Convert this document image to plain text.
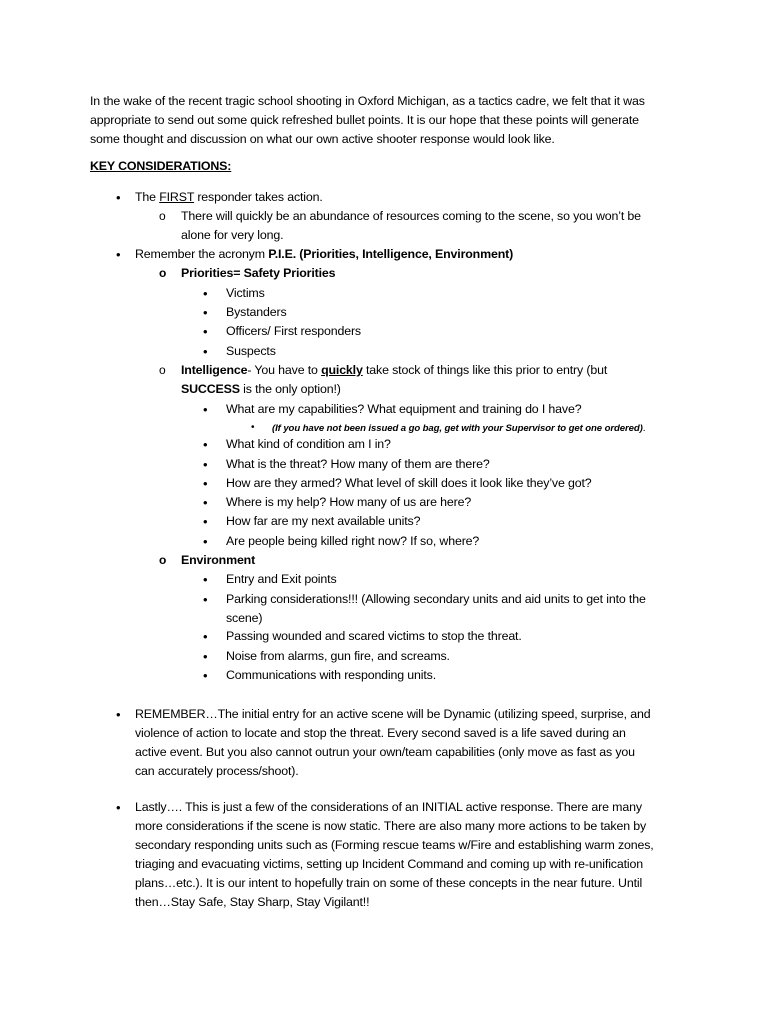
In the wake of the recent tragic school shooting in Oxford Michigan, as a tactics cadre, we felt that it was
appropriate to send out some quick refreshed bullet points. It is our hope that these points will generate
some thought and discussion on what our own active shooter response would look like.
KEY CONSIDERATIONS:
• The FIRST responder takes action.
o There will quickly be an abundance of resources coming to the scene, so you won’t be
alone for very long.
• Remember the acronym P.I.E. (Priorities, Intelligence, Environment)
o Priorities= Safety Priorities
• Victims
• Bystanders
• Officers/ First responders
• Suspects
o Intelligence- You have to quickly take stock of things like this prior to entry (but
SUCCESS is the only option!)
• What are my capabilities? What equipment and training do I have?
• (If you have not been issued a go bag, get with your Supervisor to get one ordered).
• What kind of condition am I in?
• What is the threat? How many of them are there?
• How are they armed? What level of skill does it look like they’ve got?
• Where is my help? How many of us are here?
• How far are my next available units?
• Are people being killed right now? If so, where?
o Environment
• Entry and Exit points
• Parking considerations!!! (Allowing secondary units and aid units to get into the
scene)
• Passing wounded and scared victims to stop the threat.
• Noise from alarms, gun fire, and screams.
• Communications with responding units.
• REMEMBER…The initial entry for an active scene will be Dynamic (utilizing speed, surprise, and
violence of action to locate and stop the threat. Every second saved is a life saved during an
active event. But you also cannot outrun your own/team capabilities (only move as fast as you
can accurately process/shoot).
• Lastly…. This is just a few of the considerations of an INITIAL active response. There are many
more considerations if the scene is now static. There are also many more actions to be taken by
secondary responding units such as (Forming rescue teams w/Fire and establishing warm zones,
triaging and evacuating victims, setting up Incident Command and coming up with re-unification
plans…etc.). It is our intent to hopefully train on some of these concepts in the near future. Until
then…Stay Safe, Stay Sharp, Stay Vigilant!!
